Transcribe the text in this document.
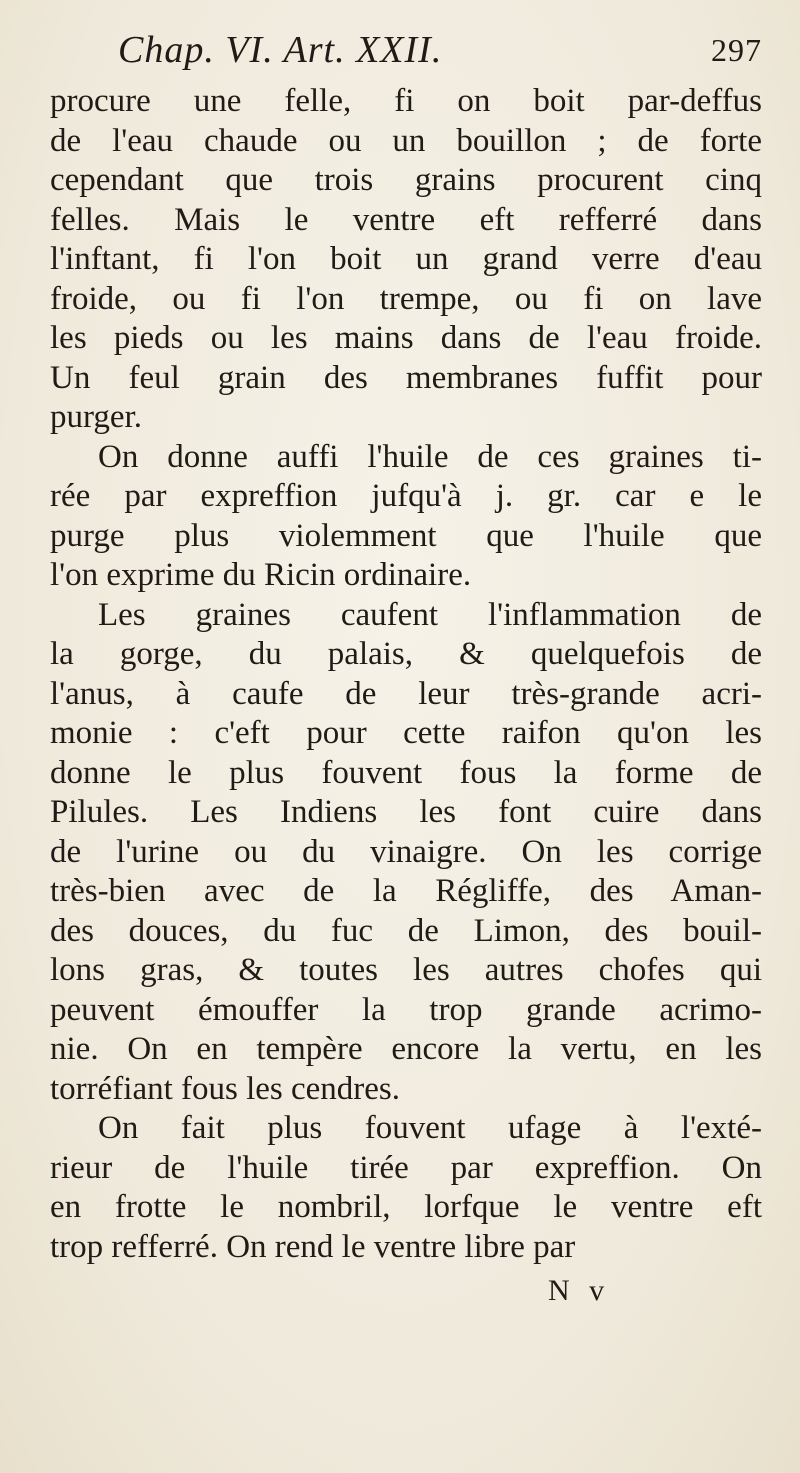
Chap. VI. Art. XXII.	297

procure une felle, fi on boit par-deffus
de l'eau chaude ou un bouillon ; de forte
cependant que trois grains procurent cinq
felles. Mais le ventre eft refferré dans
l'inftant, fi l'on boit un grand verre d'eau
froide, ou fi l'on trempe, ou fi on lave
les pieds ou les mains dans de l'eau froide.
Un feul grain des membranes fuffit pour
purger.

On donne auffi l'huile de ces graines ti-
rée par expreffion jufqu'à j. gr. car e le
purge plus violemment que l'huile que
l'on exprime du Ricin ordinaire.

Les graines caufent l'inflammation de
la gorge, du palais, & quelquefois de
l'anus, à caufe de leur très-grande acri-
monie : c'eft pour cette raifon qu'on les
donne le plus fouvent fous la forme de
Pilules. Les Indiens les font cuire dans
de l'urine ou du vinaigre. On les corrige
très-bien avec de la Régliffe, des Aman-
des douces, du fuc de Limon, des bouil-
lons gras, & toutes les autres chofes qui
peuvent émouffer la trop grande acrimo-
nie. On en tempère encore la vertu, en les
torréfiant fous les cendres.

On fait plus fouvent ufage à l'exté-
rieur de l'huile tirée par expreffion. On
en frotte le nombril, lorfque le ventre eft
trop refferré. On rend le ventre libre par

N v
